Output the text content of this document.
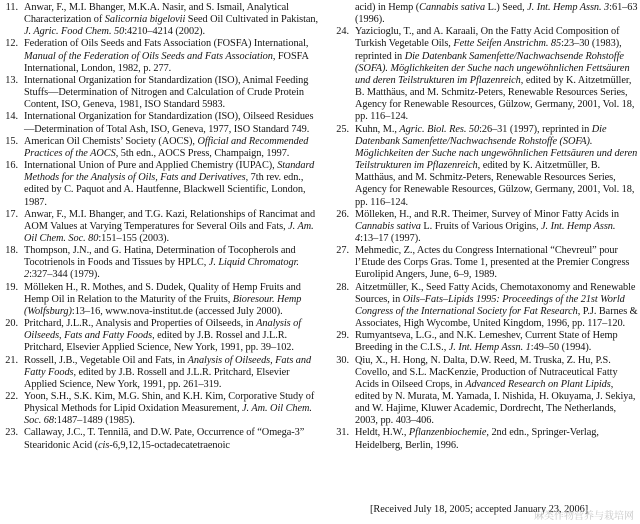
11. Anwar, F., M.I. Bhanger, M.K.A. Nasir, and S. Ismail, Analytical Characterization of Salicornia bigelovii Seed Oil Cultivated in Pakistan, J. Agric. Food Chem. 50:4210–4214 (2002).
12. Federation of Oils Seeds and Fats Association (FOSFA) International, Manual of the Federation of Oils Seeds and Fats Association, FOSFA International, London, 1982, p. 277.
13. International Organization for Standardization (ISO), Animal Feeding Stuffs—Determination of Nitrogen and Calculation of Crude Protein Content, ISO, Geneva, 1981, ISO Standard 5983.
14. International Organization for Standardization (ISO), Oilseed Residues—Determination of Total Ash, ISO, Geneva, 1977, ISO Standard 749.
15. American Oil Chemists’ Society (AOCS), Official and Recommended Practices of the AOCS, 5th edn., AOCS Press, Champaign, 1997.
16. International Union of Pure and Applied Chemistry (IUPAC), Standard Methods for the Analysis of Oils, Fats and Derivatives, 7th rev. edn., edited by C. Paquot and A. Hautfenne, Blackwell Scientific, London, 1987.
17. Anwar, F., M.I. Bhanger, and T.G. Kazi, Relationships of Rancimat and AOM Values at Varying Temperatures for Several Oils and Fats, J. Am. Oil Chem. Soc. 80:151–155 (2003).
18. Thompson, J.N., and G. Hatina, Determination of Tocopherols and Tocotrienols in Foods and Tissues by HPLC, J. Liquid Chromatogr. 2:327–344 (1979).
19. Mölleken H., R. Mothes, and S. Dudek, Quality of Hemp Fruits and Hemp Oil in Relation to the Maturity of the Fruits, Bioresour. Hemp (Wolfsburg):13–16, www.nova-institut.de (accessed July 2000).
20. Pritchard, J.L.R., Analysis and Properties of Oilseeds, in Analysis of Oilseeds, Fats and Fatty Foods, edited by J.B. Rossel and J.L.R. Pritchard, Elsevier Applied Science, New York, 1991, pp. 39–102.
21. Rossell, J.B., Vegetable Oil and Fats, in Analysis of Oilseeds, Fats and Fatty Foods, edited by J.B. Rossell and J.L.R. Pritchard, Elsevier Applied Science, New York, 1991, pp. 261–319.
22. Yoon, S.H., S.K. Kim, M.G. Shin, and K.H. Kim, Corporative Study of Physical Methods for Lipid Oxidation Measurement, J. Am. Oil Chem. Soc. 68:1487–1489 (1985).
23. Callaway, J.C., T. Tennilä, and D.W. Pate, Occurrence of “Omega-3” Stearidonic Acid (cis-6,9,12,15-octadecatetraenoic
acid) in Hemp (Cannabis sativa L.) Seed, J. Int. Hemp Assn. 3:61–63 (1996).
24. Yazicioglu, T., and A. Karaali, On the Fatty Acid Composition of Turkish Vegetable Oils, Fette Seifen Anstrichm. 85:23–30 (1983), reprinted in Die Datenbank Samenfette/Nachwachsende Rohstoffe (SOFA). Möglichkeiten der Suche nach ungewöhnlichen Fettsäuren und deren Teilstrukturen im Pflazenreich, edited by K. Aitzetmüller, B. Matthäus, and M. Schmitz-Peters, Renewable Resources Series, Agency for Renewable Resources, Gülzow, Germany, 2001, Vol. 18, pp. 116–124.
25. Kuhn, M., Agric. Biol. Res. 50:26–31 (1997), reprinted in Die Datenbank Samenfette/Nachwachsende Rohstoffe (SOFA). Möglichkeiten der Suche nach ungewöhnlichen Fettsäuren und deren Teilstrukturen im Pflazenreich, edited by K. Aitzetmüller, B. Matthäus, and M. Schmitz-Peters, Renewable Resources Series, Agency for Renewable Resources, Gülzow, Germany, 2001, Vol. 18, pp. 116–124.
26. Mölleken, H., and R.R. Theimer, Survey of Minor Fatty Acids in Cannabis sativa L. Fruits of Various Origins, J. Int. Hemp Assn. 4:13–17 (1997).
27. Mehmedic, Z., Actes du Congress International “Chevreul” pour l’Etude des Corps Gras. Tome 1, presented at the Premier Congress Eurolipid Angers, June, 6–9, 1989.
28. Aitzetmüller, K., Seed Fatty Acids, Chemotaxonomy and Renewable Sources, in Oils–Fats–Lipids 1995: Proceedings of the 21st World Congress of the International Society for Fat Research, P.J. Barnes & Associates, High Wycombe, United Kingdom, 1996, pp. 117–120.
29. Rumyantseva, L.G., and N.K. Lemeshev, Current State of Hemp Breeding in the C.I.S., J. Int. Hemp Assn. 1:49–50 (1994).
30. Qiu, X., H. Hong, N. Dalta, D.W. Reed, M. Truska, Z. Hu, P.S. Covello, and S.L. MacKenzie, Production of Nutraceutical Fatty Acids in Oilseed Crops, in Advanced Research on Plant Lipids, edited by N. Murata, M. Yamada, I. Nishida, H. Okuyama, J. Sekiya, and W. Hajime, Kluwer Academic, Dordrecht, The Netherlands, 2003, pp. 403–406.
31. Heldt, H.W., Pflanzenbiochemie, 2nd edn., Springer-Verlag, Heidelberg, Berlin, 1996.
[Received July 18, 2005; accepted January 23, 2006]
麻类作物营养与栽培网
